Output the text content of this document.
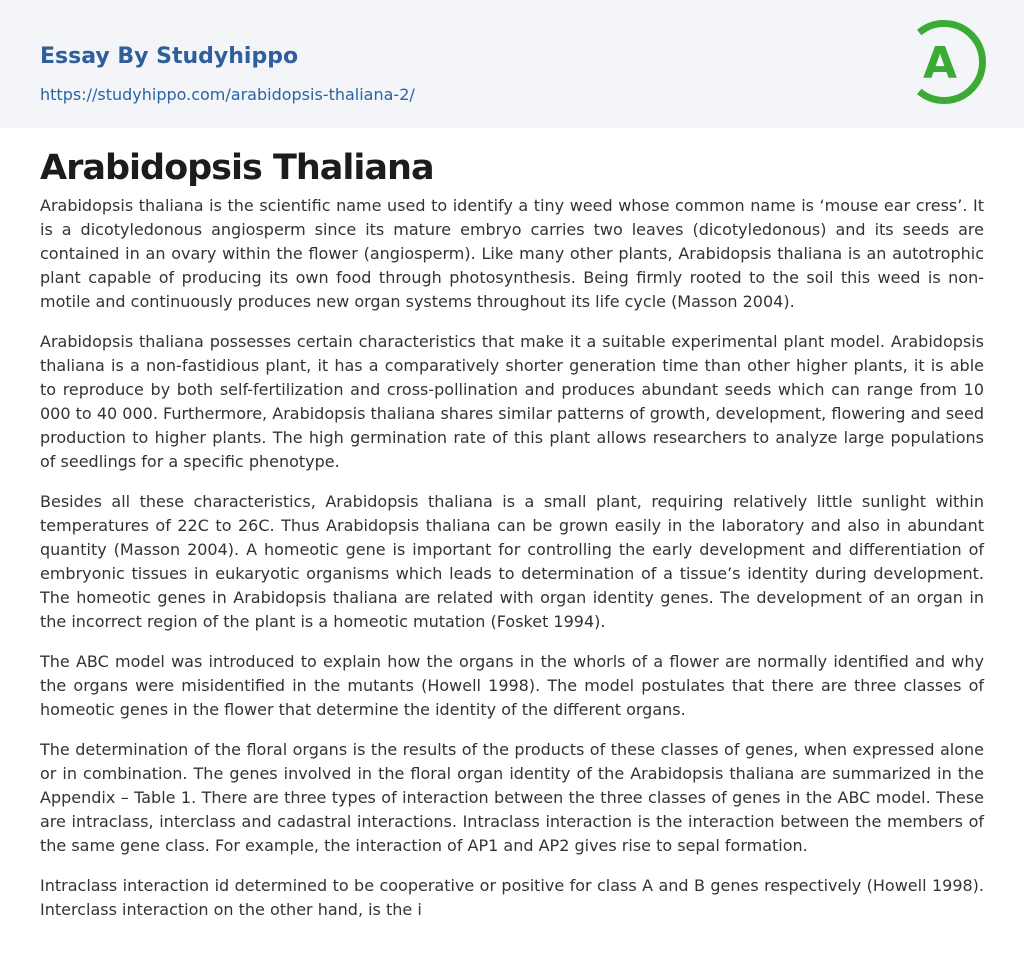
Essay By Studyhippo
https://studyhippo.com/arabidopsis-thaliana-2/
A
Arabidopsis Thaliana

Arabidopsis thaliana is the scientific name used to identify a tiny weed whose common name is ‘mouse ear cress’. It is a dicotyledonous angiosperm since its mature embryo carries two leaves (dicotyledonous) and its seeds are contained in an ovary within the flower (angiosperm). Like many other plants, Arabidopsis thaliana is an autotrophic plant capable of producing its own food through photosynthesis. Being firmly rooted to the soil this weed is non-motile and continuously produces new organ systems throughout its life cycle (Masson 2004).

Arabidopsis thaliana possesses certain characteristics that make it a suitable experimental plant model. Arabidopsis thaliana is a non-fastidious plant, it has a comparatively shorter generation time than other higher plants, it is able to reproduce by both self-fertilization and cross-pollination and produces abundant seeds which can range from 10 000 to 40 000. Furthermore, Arabidopsis thaliana shares similar patterns of growth, development, flowering and seed production to higher plants. The high germination rate of this plant allows researchers to analyze large populations of seedlings for a specific phenotype.

Besides all these characteristics, Arabidopsis thaliana is a small plant, requiring relatively little sunlight within temperatures of 22C to 26C. Thus Arabidopsis thaliana can be grown easily in the laboratory and also in abundant quantity (Masson 2004). A homeotic gene is important for controlling the early development and differentiation of embryonic tissues in eukaryotic organisms which leads to determination of a tissue’s identity during development. The homeotic genes in Arabidopsis thaliana are related with organ identity genes. The development of an organ in the incorrect region of the plant is a homeotic mutation (Fosket 1994).

The ABC model was introduced to explain how the organs in the whorls of a flower are normally identified and why the organs were misidentified in the mutants (Howell 1998). The model postulates that there are three classes of homeotic genes in the flower that determine the identity of the different organs.

The determination of the floral organs is the results of the products of these classes of genes, when expressed alone or in combination. The genes involved in the floral organ identity of the Arabidopsis thaliana are summarized in the Appendix – Table 1. There are three types of interaction between the three classes of genes in the ABC model. These are intraclass, interclass and cadastral interactions. Intraclass interaction is the interaction between the members of the same gene class. For example, the interaction of AP1 and AP2 gives rise to sepal formation.

Intraclass interaction id determined to be cooperative or positive for class A and B genes respectively (Howell 1998). Interclass interaction on the other hand, is the i
